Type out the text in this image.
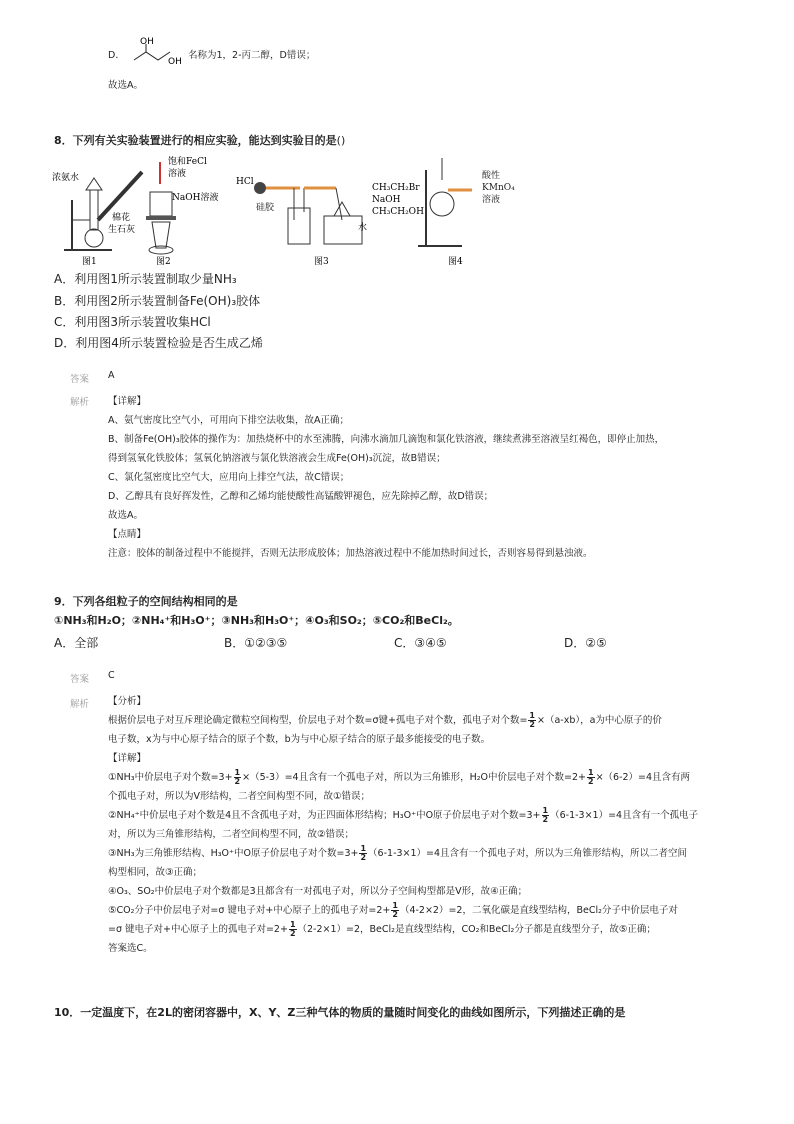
D．
OH
OH
名称为1，2-丙二醇，D错误；
故选A。
8．下列有关实验装置进行的相应实验，能达到实验目的是()
浓氨水
棉花
生石灰
图1
饱和FeCl
溶液
NaOH溶液
图2
HCl
硅胶
水
图3
CH₃CH₂Br
NaOH
CH₃CH₂OH
图4
酸性
KMnO₄
溶液
A．利用图1所示装置制取少量NH₃
B．利用图2所示装置制备Fe(OH)₃胶体
C．利用图3所示装置收集HCl
D．利用图4所示装置检验是否生成乙烯
答案 A
解析 【详解】
A、氨气密度比空气小，可用向下排空法收集，故A正确；
B、制备Fe(OH)₃胶体的操作为：加热烧杯中的水至沸腾，向沸水滴加几滴饱和氯化铁溶液，继续煮沸至溶液呈红褐色，即停止加热，
得到氢氧化铁胶体；氢氧化钠溶液与氯化铁溶液会生成Fe(OH)₃沉淀，故B错误；
C、氯化氢密度比空气大，应用向上排空气法，故C错误；
D、乙醇具有良好挥发性，乙醇和乙烯均能使酸性高锰酸钾褪色，应先除掉乙醇，故D错误；
故选A。
【点睛】
注意：胶体的制备过程中不能搅拌，否则无法形成胶体；加热溶液过程中不能加热时间过长，否则容易得到悬浊液。
9．下列各组粒子的空间结构相同的是
①NH₃和H₂O；②NH₄⁺和H₃O⁺；③NH₃和H₃O⁺；④O₃和SO₂；⑤CO₂和BeCl₂。
A．全部	B．①②③⑤	C．③④⑤	D．②⑤
答案 C
解析 【分析】
根据价层电子对互斥理论确定微粒空间构型，价层电子对个数=σ键+孤电子对个数，孤电子对个数= $\frac{1}{2} \times(a-xb)$，a为中心原子的价
电子数，x为与中心原子结合的原子个数，b为与中心原子结合的原子最多能接受的电子数。
【详解】
①NH₃中价层电子对个数$=3+ \frac{1}{2} \times(5-3)=4$且含有一个孤电子对，所以为三角锥形，H₂O中价层电子对个数$=2+ \frac{1}{2} \times(6-2)=4$且含有两
个孤电子对，所以为V形结构，二者空间构型不同，故①错误；
②NH₄⁺中价层电子对个数是4且不含孤电子对，为正四面体形结构；H₃O⁺中O原子价层电子对个数$=3+ \frac{1}{2} (6-1-3\times 1)=4$且含有一个孤电子
对，所以为三角锥形结构，二者空间构型不同，故②错误；
③NH₃为三角锥形结构、H₃O⁺中O原子价层电子对个数$=3+ \frac{1}{2} (6-1-3\times 1)=4$且含有一个孤电子对，所以为三角锥形结构，所以二者空间
构型相同，故③正确；
④O₃、SO₂中价层电子对个数都是3且都含有一对孤电子对，所以分子空间构型都是V形，故④正确；
⑤CO₂分子中价层电子对=σ 键电子对+中心原子上的孤电子对$=2+ \frac{1}{2} (4-2\times 2)=2$，二氧化碳是直线型结构，BeCl₂分子中价层电子对
=σ 键电子对+中心原子上的孤电子对$=2+ \frac{1}{2} (2-2\times 1)=2$，BeCl₂是直线型结构，CO₂和BeCl₂分子都是直线型分子，故⑤正确；
答案选C。
10．一定温度下，在2L的密闭容器中，X、Y、Z三种气体的物质的量随时间变化的曲线如图所示，下列描述正确的是
